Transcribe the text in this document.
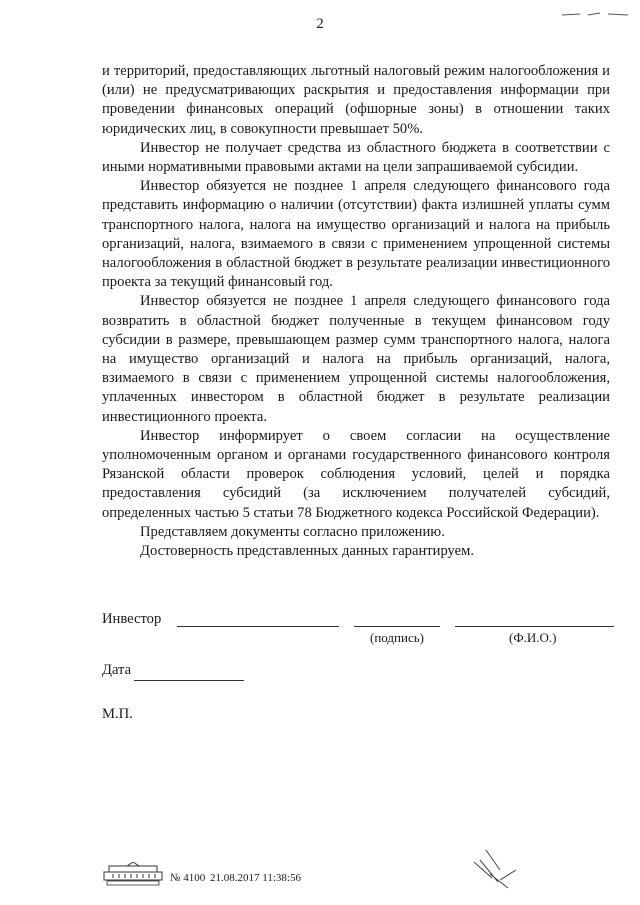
2

и территорий, предоставляющих льготный налоговый режим налогообложения и (или) не предусматривающих раскрытия и предоставления информации при проведении финансовых операций (офшорные зоны) в отношении таких юридических лиц, в совокупности превышает 50%.

Инвестор не получает средства из областного бюджета в соответствии с иными нормативными правовыми актами на цели запрашиваемой субсидии.

Инвестор обязуется не позднее 1 апреля следующего финансового года представить информацию о наличии (отсутствии) факта излишней уплаты сумм транспортного налога, налога на имущество организаций и налога на прибыль организаций, налога, взимаемого в связи с применением упрощенной системы налогообложения в областной бюджет в результате реализации инвестиционного проекта за текущий финансовый год.

Инвестор обязуется не позднее 1 апреля следующего финансового года возвратить в областной бюджет полученные в текущем финансовом году субсидии в размере, превышающем размер сумм транспортного налога, налога на имущество организаций и налога на прибыль организаций, налога, взимаемого в связи с применением упрощенной системы налогообложения, уплаченных инвестором в областной бюджет в результате реализации инвестиционного проекта.

Инвестор информирует о своем согласии на осуществление уполномоченным органом и органами государственного финансового контроля Рязанской области проверок соблюдения условий, целей и порядка предоставления субсидий (за исключением получателей субсидий, определенных частью 5 статьи 78 Бюджетного кодекса Российской Федерации).

Представляем документы согласно приложению.

Достоверность представленных данных гарантируем.

Инвестор
(подпись)	(Ф.И.О.)
Дата
М.П.
№ 4100 21.08.2017 11:38:56
